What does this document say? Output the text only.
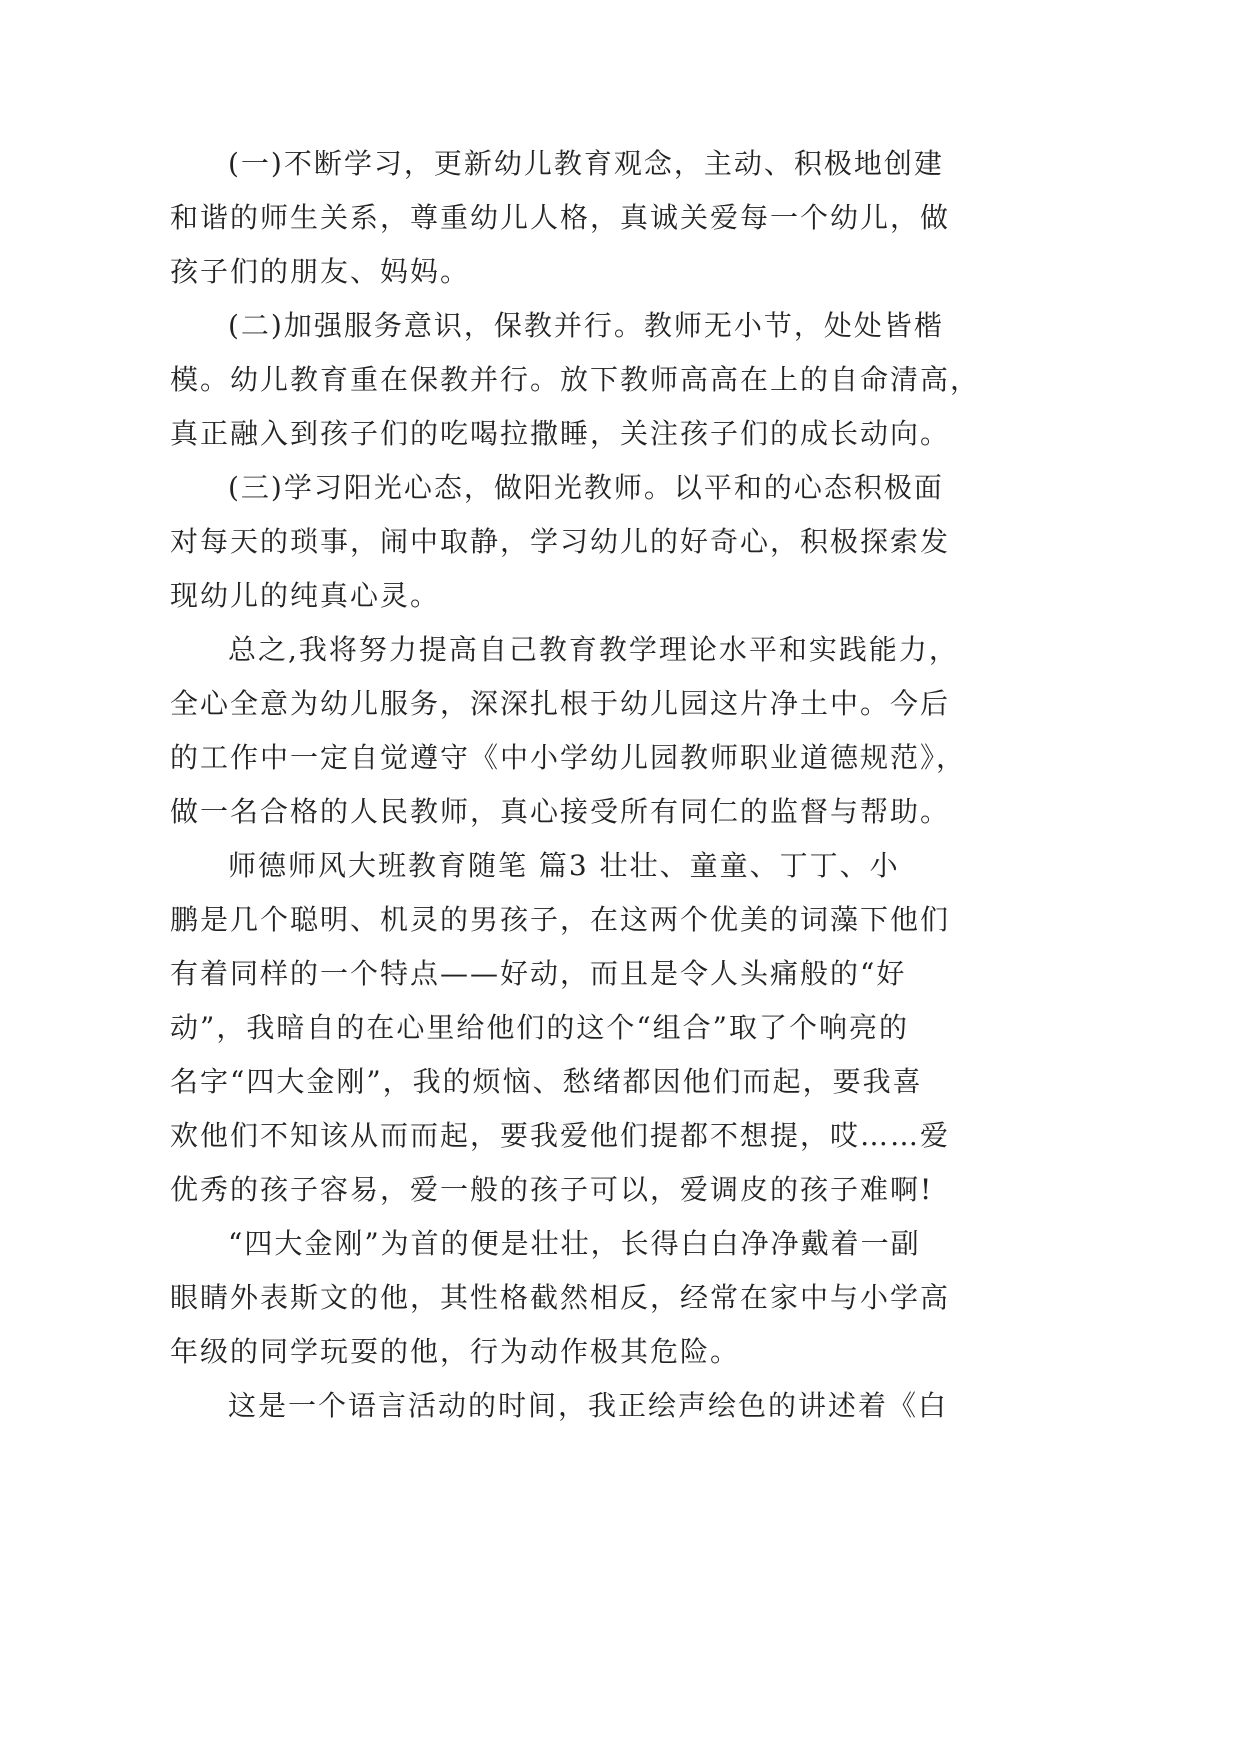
(一)不断学习，更新幼儿教育观念，主动、积极地创建
和谐的师生关系，尊重幼儿人格，真诚关爱每一个幼儿，做
孩子们的朋友、妈妈。
(二)加强服务意识，保教并行。教师无小节，处处皆楷
模。幼儿教育重在保教并行。放下教师高高在上的自命清高，
真正融入到孩子们的吃喝拉撒睡，关注孩子们的成长动向。
(三)学习阳光心态，做阳光教师。以平和的心态积极面
对每天的琐事，闹中取静，学习幼儿的好奇心，积极探索发
现幼儿的纯真心灵。
总之,我将努力提高自己教育教学理论水平和实践能力，
全心全意为幼儿服务，深深扎根于幼儿园这片净土中。今后
的工作中一定自觉遵守《中小学幼儿园教师职业道德规范》，
做一名合格的人民教师，真心接受所有同仁的监督与帮助。
师德师风大班教育随笔 篇3 壮壮、童童、丁丁、小
鹏是几个聪明、机灵的男孩子，在这两个优美的词藻下他们
有着同样的一个特点——好动，而且是令人头痛般的“好
动”，我暗自的在心里给他们的这个“组合”取了个响亮的
名字“四大金刚”，我的烦恼、愁绪都因他们而起，要我喜
欢他们不知该从而而起，要我爱他们提都不想提，哎……爱
优秀的孩子容易，爱一般的孩子可以，爱调皮的孩子难啊!
“四大金刚”为首的便是壮壮，长得白白净净戴着一副
眼睛外表斯文的他，其性格截然相反，经常在家中与小学高
年级的同学玩耍的他，行为动作极其危险。
这是一个语言活动的时间，我正绘声绘色的讲述着《白
